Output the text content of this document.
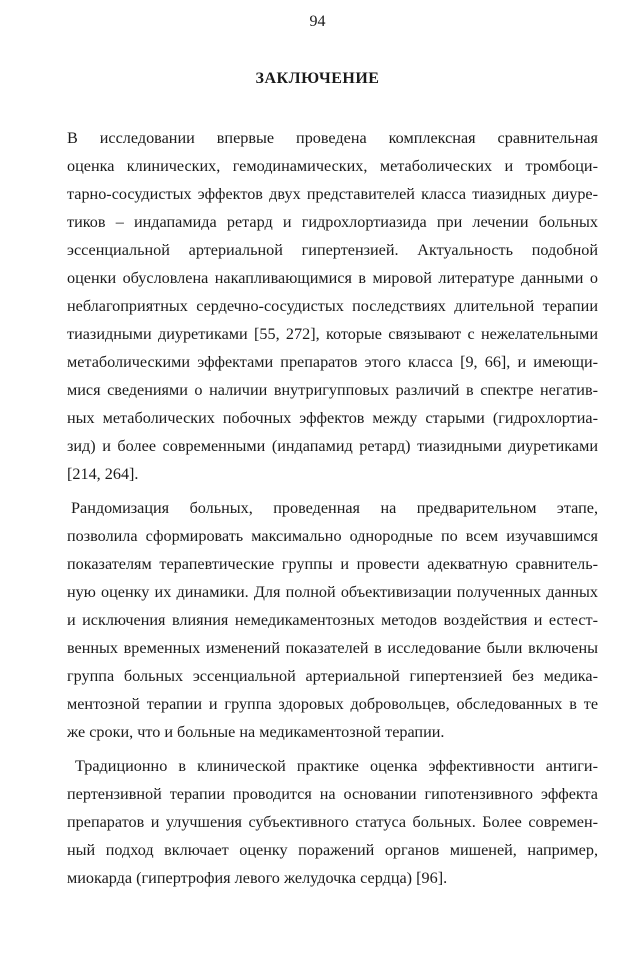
94
ЗАКЛЮЧЕНИЕ
В исследовании впервые проведена комплексная сравнительная
оценка клинических, гемодинамических, метаболических и тромбоци-
тарно-сосудистых эффектов двух представителей класса тиазидных диуре-
тиков – индапамида ретард и гидрохлортиазида при лечении больных
эссенциальной артериальной гипертензией. Актуальность подобной
оценки обусловлена накапливающимися в мировой литературе данными о
неблагоприятных сердечно-сосудистых последствиях длительной терапии
тиазидными диуретиками [55, 272], которые связывают с нежелательными
метаболическими эффектами препаратов этого класса [9, 66], и имеющи-
мися сведениями о наличии внутригупповых различий в спектре негатив-
ных метаболических побочных эффектов между старыми (гидрохлортиа-
зид) и более современными (индапамид ретард) тиазидными диуретиками
[214, 264].
Рандомизация больных, проведенная на предварительном этапе,
позволила сформировать максимально однородные по всем изучавшимся
показателям терапевтические группы и провести адекватную сравнитель-
ную оценку их динамики. Для полной объективизации полученных данных
и исключения влияния немедикаментозных методов воздействия и естест-
венных временных изменений показателей в исследование были включены
группа больных эссенциальной артериальной гипертензией без медика-
ментозной терапии и группа здоровых добровольцев, обследованных в те
же сроки, что и больные на медикаментозной терапии.
Традиционно в клинической практике оценка эффективности антиги-
пертензивной терапии проводится на основании гипотензивного эффекта
препаратов и улучшения субъективного статуса больных. Более современ-
ный подход включает оценку поражений органов мишеней, например,
миокарда (гипертрофия левого желудочка сердца) [96].
